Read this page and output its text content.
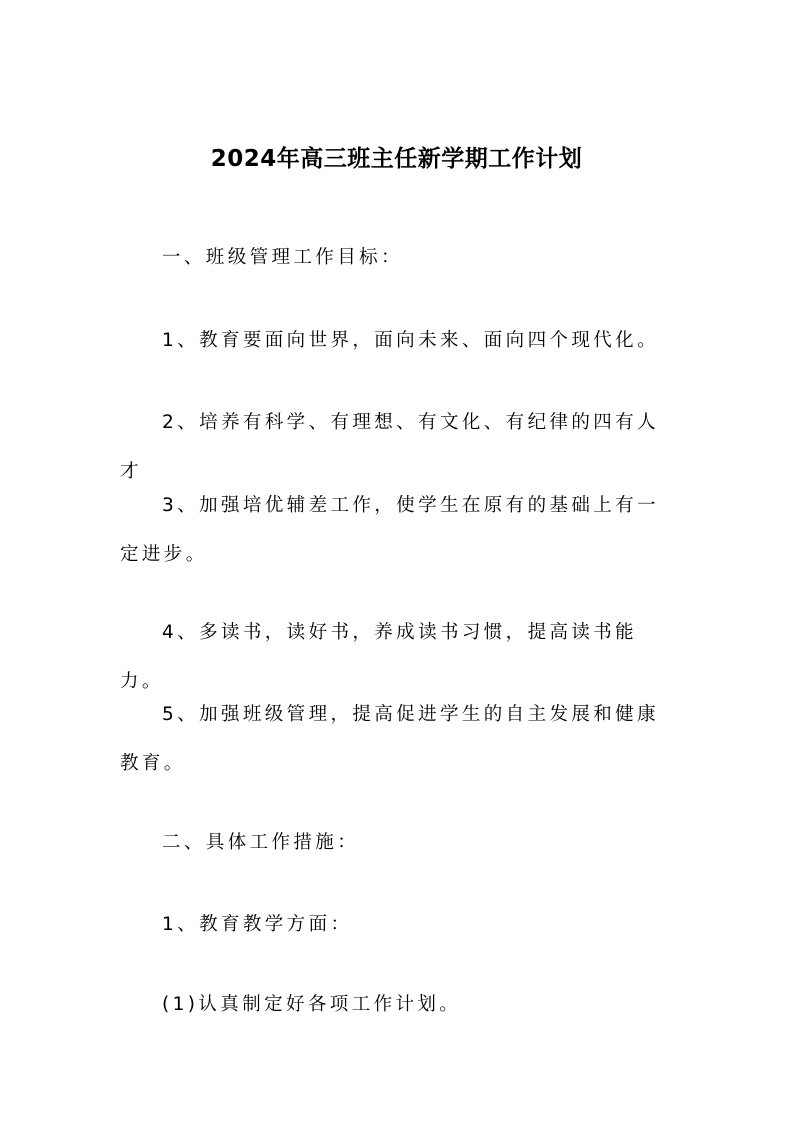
2024年高三班主任新学期工作计划

一、班级管理工作目标：

1、教育要面向世界，面向未来、面向四个现代化。

2、培养有科学、有理想、有文化、有纪律的四有人才

3、加强培优辅差工作，使学生在原有的基础上有一定进步。

4、多读书，读好书，养成读书习惯，提高读书能力。

5、加强班级管理，提高促进学生的自主发展和健康教育。

二、具体工作措施：

1、教育教学方面：

(1)认真制定好各项工作计划。
